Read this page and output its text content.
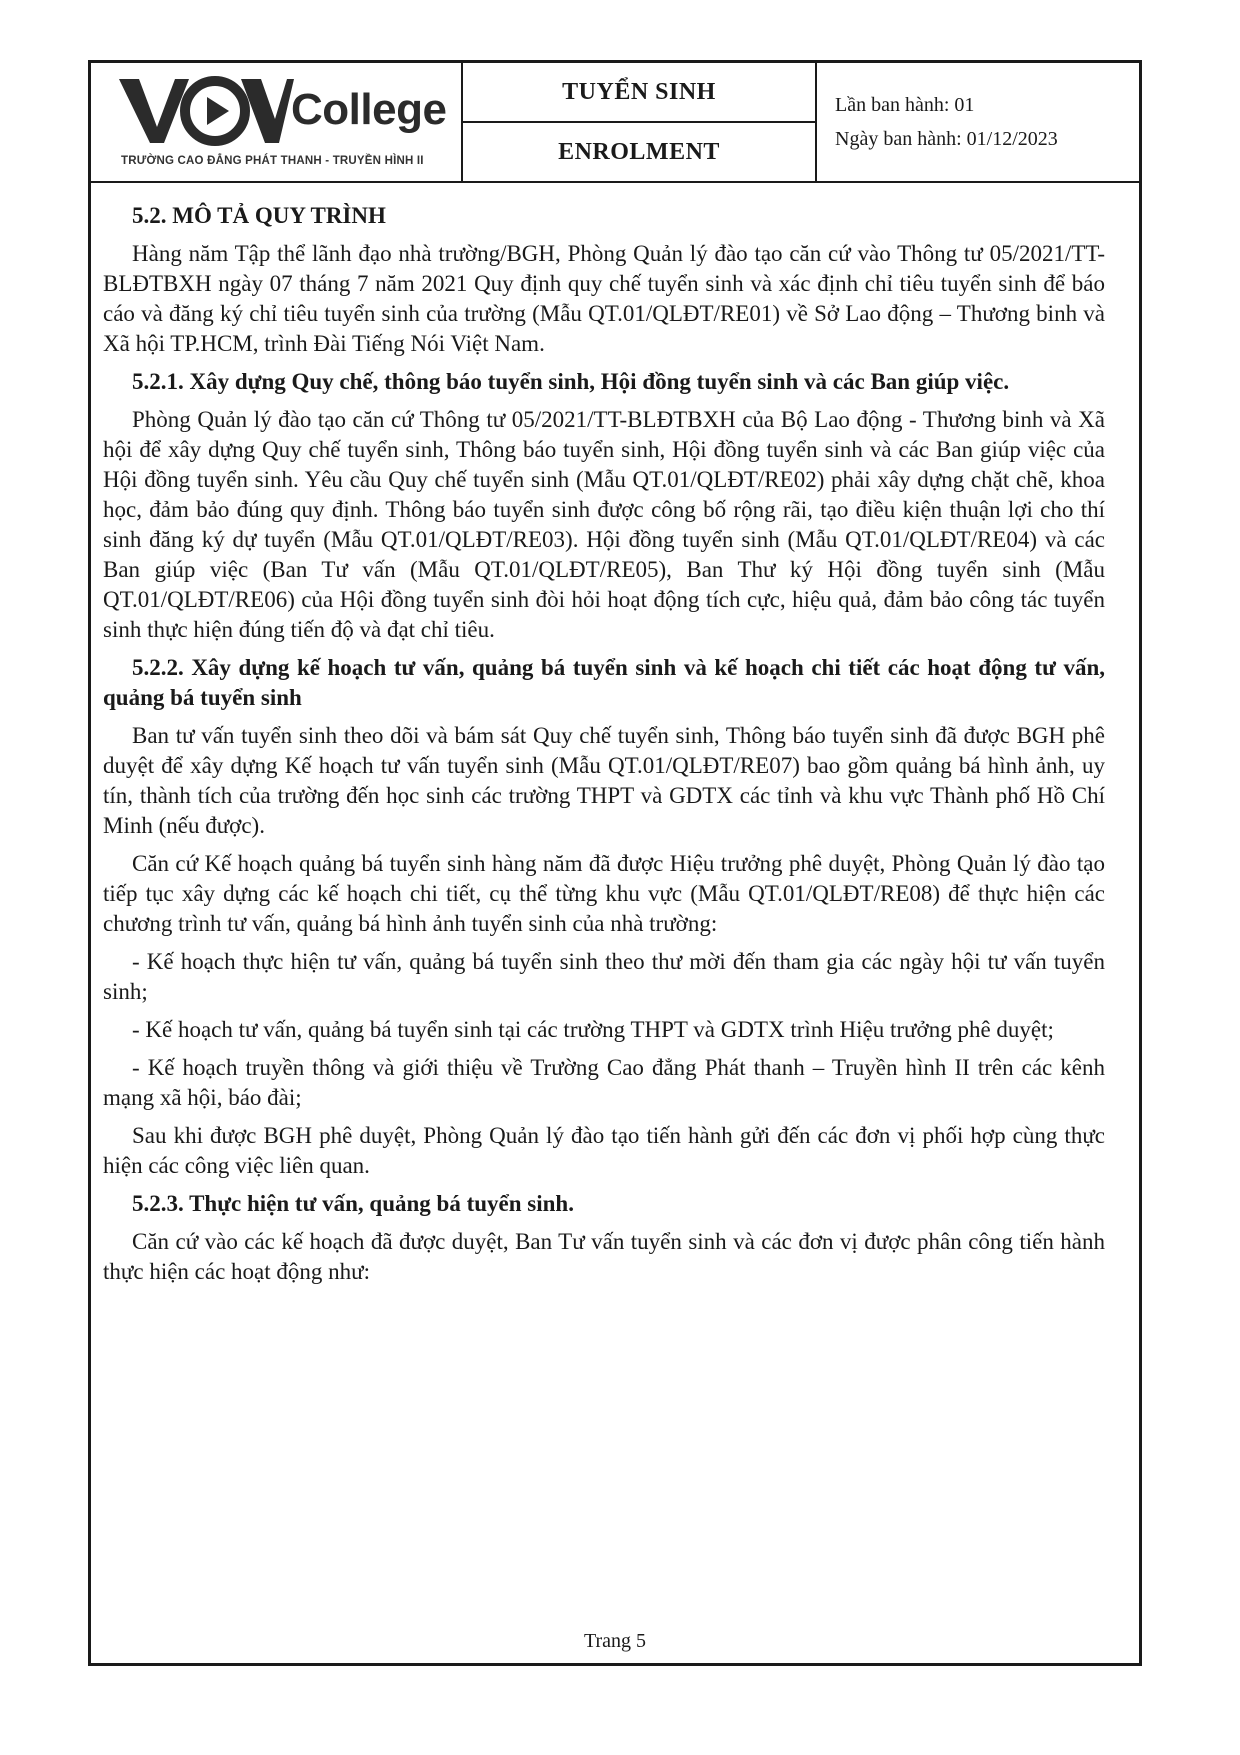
VOV
College
TRƯỜNG CAO ĐẲNG PHÁT THANH - TRUYỀN HÌNH II
TUYỂN SINH
ENROLMENT
Lần ban hành: 01
Ngày ban hành: 01/12/2023
5.2. MÔ TẢ QUY TRÌNH

Hàng năm Tập thể lãnh đạo nhà trường/BGH, Phòng Quản lý đào tạo căn cứ vào Thông tư 05/2021/TT-BLĐTBXH ngày 07 tháng 7 năm 2021 Quy định quy chế tuyển sinh và xác định chỉ tiêu tuyển sinh để báo cáo và đăng ký chỉ tiêu tuyển sinh của trường (Mẫu QT.01/QLĐT/RE01) về Sở Lao động – Thương binh và Xã hội TP.HCM, trình Đài Tiếng Nói Việt Nam.

5.2.1. Xây dựng Quy chế, thông báo tuyển sinh, Hội đồng tuyển sinh và các Ban giúp việc.

Phòng Quản lý đào tạo căn cứ Thông tư 05/2021/TT-BLĐTBXH của Bộ Lao động - Thương binh và Xã hội để xây dựng Quy chế tuyển sinh, Thông báo tuyển sinh, Hội đồng tuyển sinh và các Ban giúp việc của Hội đồng tuyển sinh. Yêu cầu Quy chế tuyển sinh (Mẫu QT.01/QLĐT/RE02) phải xây dựng chặt chẽ, khoa học, đảm bảo đúng quy định. Thông báo tuyển sinh được công bố rộng rãi, tạo điều kiện thuận lợi cho thí sinh đăng ký dự tuyển (Mẫu QT.01/QLĐT/RE03). Hội đồng tuyển sinh (Mẫu QT.01/QLĐT/RE04) và các Ban giúp việc (Ban Tư vấn (Mẫu QT.01/QLĐT/RE05), Ban Thư ký Hội đồng tuyển sinh (Mẫu QT.01/QLĐT/RE06) của Hội đồng tuyển sinh đòi hỏi hoạt động tích cực, hiệu quả, đảm bảo công tác tuyển sinh thực hiện đúng tiến độ và đạt chỉ tiêu.

5.2.2. Xây dựng kế hoạch tư vấn, quảng bá tuyển sinh và kế hoạch chi tiết các hoạt động tư vấn, quảng bá tuyển sinh

Ban tư vấn tuyển sinh theo dõi và bám sát Quy chế tuyển sinh, Thông báo tuyển sinh đã được BGH phê duyệt để xây dựng Kế hoạch tư vấn tuyển sinh (Mẫu QT.01/QLĐT/RE07) bao gồm quảng bá hình ảnh, uy tín, thành tích của trường đến học sinh các trường THPT và GDTX các tỉnh và khu vực Thành phố Hồ Chí Minh (nếu được).

Căn cứ Kế hoạch quảng bá tuyển sinh hàng năm đã được Hiệu trưởng phê duyệt, Phòng Quản lý đào tạo tiếp tục xây dựng các kế hoạch chi tiết, cụ thể từng khu vực (Mẫu QT.01/QLĐT/RE08) để thực hiện các chương trình tư vấn, quảng bá hình ảnh tuyển sinh của nhà trường:

- Kế hoạch thực hiện tư vấn, quảng bá tuyển sinh theo thư mời đến tham gia các ngày hội tư vấn tuyển sinh;

- Kế hoạch tư vấn, quảng bá tuyển sinh tại các trường THPT và GDTX trình Hiệu trưởng phê duyệt;

- Kế hoạch truyền thông và giới thiệu về Trường Cao đẳng Phát thanh – Truyền hình II trên các kênh mạng xã hội, báo đài;

Sau khi được BGH phê duyệt, Phòng Quản lý đào tạo tiến hành gửi đến các đơn vị phối hợp cùng thực hiện các công việc liên quan.

5.2.3. Thực hiện tư vấn, quảng bá tuyển sinh.

Căn cứ vào các kế hoạch đã được duyệt, Ban Tư vấn tuyển sinh và các đơn vị được phân công tiến hành thực hiện các hoạt động như:

Trang 5
